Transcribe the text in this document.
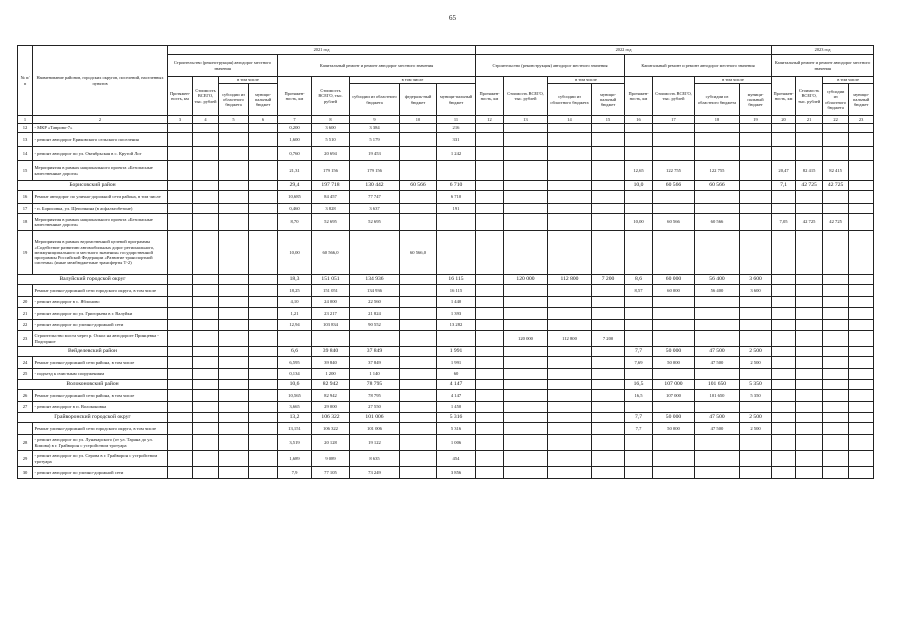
65
№ п/п	Наименование районов, городских округов, поселений, населенных пунктов	2021 год									2022 год								2023 год			
		Строительство (реконструкция) автодорог местного значения				Капитальный ремонт и ремонт автодорог местного значения					Строительство (реконструкция) автодорог местного значения				Капитальный ремонт и ремонт автодорог местного значения				Капитальный ремонт и ремонт автодорог местного значения			
		Протяжен-ность, км	Стоимость ВСЕГО, тыс. рублей	в том числе		Протяжен-ность, км	Стоимость ВСЕГО, тыс. рублей	в том числе			Протяжен-ность, км	Стоимость ВСЕГО, тыс. рублей	в том числе		Протяжен-ность, км	Стоимость ВСЕГО, тыс. рублей	в том числе		Протяжен-ность, км	Стоимость ВСЕГО, тыс. рублей	в том числе	
				субсидии из областного бюджета	муници-пальный бюджет			субсидии из областного бюджета	федераль-ный бюджет	муници-пальный бюджет			субсидии из областного бюджета	муници-пальный бюджет			субсидии из областного бюджета	муници-пальный бюджет			субсидии из областного бюджета	муници-пальный бюджет
1	2	3	4	5	6	7	8	9	10	11	12	13	14	15	16	17	18	19	20	21	22	23
12	- МКР «Таврово-7»					0,200	3 600	3 384		216												
13	- ремонт автодорог Ериковского сельского поселения					1,600	5 510	5 179		331												
14	- ремонт автодорог по ул. Октябрьская в с. Крутой Лог					0,760	20 694	19 453		1 242												
15	Мероприятия в рамках национального проекта «Безопасные качественные дороги»					21,31	179 156	179 156							12,65	122 755	122 755		20,47	82 415	82 415	
Борисовский район						29,4	197 718	130 442	60 566	6 710					10,0	60 566	60 566		7,1	42 725	42 725	
16	Ремонт автодорог по улично-дорожной сети района, в том числе					10,685	84 457	77 747		6 710												
17	- п. Борисовка, ул. Щепочкина (в асфальтобетоне)					0,460	3 828	3 637		191												
18	Мероприятия в рамках национального проекта «Безопасные качественные дороги»					8,70	52 695	52 695							10,00	60 566	60 566		7,05	42 725	42 725	
19	Мероприятия в рамках ведомственной целевой программы «Содействие развитию автомобильных дорог регионального, межмуниципального и местного значения» государственной программы Российской Федерации «Развитие транспортной системы» (иные межбюджетные трансферты Т-2)					10,00	60 566,0		60 566,0													
Валуйский городской округ						18,3	151 051	134 936		16 115		120 000	112 800	7 200	8,6	60 000	56 400	3 600				
	Ремонт улично-дорожной сети городского округа, в том числе					18,25	151 051	134 936		16 115					8,57	60 000	56 400	3 600				
20	- ремонт автодорог в с. Яблоново					4,10	24 000	22 560		1 440												
21	- ремонт автодорог по ул. Григорьева в г. Валуйки					1,21	23 217	21 824		1 393												
22	- ремонт автодорог по улично-дорожной сети					12,94	103 834	90 552		13 282												
23	Строительство моста через р. Оскол на автодороге Принцевка - Подгорное											120 000	112 800	7 200								
Вейделевский район						6,6	39 840	37 849		1 991					7,7	50 000	47 500	2 500				
24	Ремонт улично-дорожной сети района, в том числе					6,595	39 840	37 849		1 991					7,69	50 000	47 500	2 500				
25	- подъезд к очистным сооружениям					0,134	1 200	1 140		60												
Волоконовский район						10,6	82 942	78 795		4 147					16,5	107 000	101 650	5 350				
26	Ремонт улично-дорожной сети района, в том числе					10,565	82 942	78 795		4 147					16,5	107 000	101 650	5 350				
27	- ремонт автодорог в п. Волоконовка					3,665	29 000	27 550		1 450												
Грайворонский городской округ						13,2	106 322	101 006		5 316					7,7	50 000	47 500	2 500				
	Ремонт улично-дорожной сети городского округа, в том числе					13,151	106 322	101 006		5 316					7,7	50 000	47 500	2 500				
28	- ремонт автодорог по ул. Луначарского (от ул. Тарана до ул. Комова) в г. Грайворон с устройством тротуара					3,519	20 128	19 122		1 006												
29	- ремонт автодорог по ул. Серова в г. Грайворон с устройством тротуара					1,689	9 089	8 635		454												
30	- ремонт автодорог по улично-дорожной сети					7,9	77 105	73 249		3 856												
